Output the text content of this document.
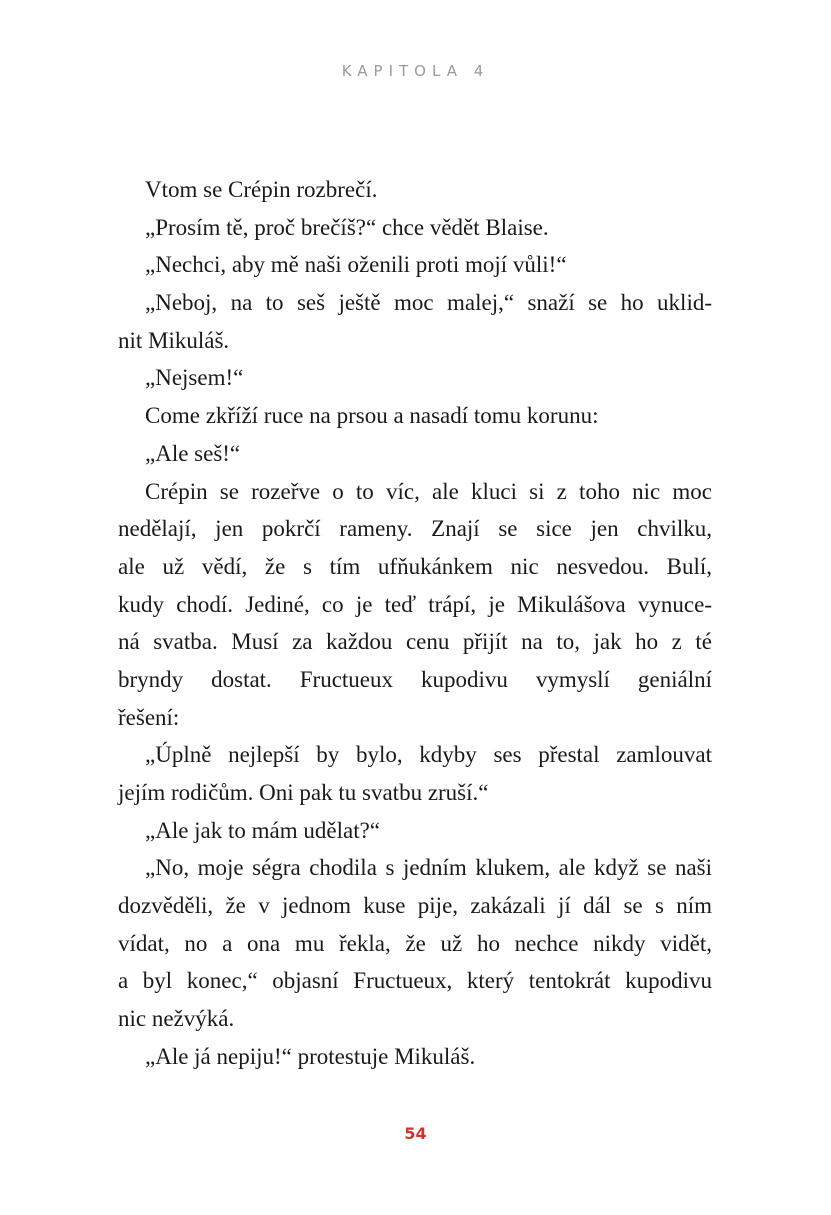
KAPITOLA 4
Vtom se Crépin rozbrečí.
„Prosím tě, proč brečíš?“ chce vědět Blaise.
„Nechci, aby mě naši oženili proti mojí vůli!“
„Neboj, na to seš ještě moc malej,“ snaží se ho uklid-
nit Mikuláš.
„Nejsem!“
Come zkříží ruce na prsou a nasadí tomu korunu:
„Ale seš!“
Crépin se rozeřve o to víc, ale kluci si z toho nic moc
nedělají, jen pokrčí rameny. Znají se sice jen chvilku,
ale už vědí, že s tím ufňukánkem nic nesvedou. Bulí,
kudy chodí. Jediné, co je teď trápí, je Mikulášova vynuce-
ná svatba. Musí za každou cenu přijít na to, jak ho z té
bryndy dostat. Fructueux kupodivu vymyslí geniální
řešení:
„Úplně nejlepší by bylo, kdyby ses přestal zamlouvat
jejím rodičům. Oni pak tu svatbu zruší.“
„Ale jak to mám udělat?“
„No, moje ségra chodila s jedním klukem, ale když se naši
dozvěděli, že v jednom kuse pije, zakázali jí dál se s ním
vídat, no a ona mu řekla, že už ho nechce nikdy vidět,
a byl konec,“ objasní Fructueux, který tentokrát kupodivu
nic nežvýká.
„Ale já nepiju!“ protestuje Mikuláš.
54
